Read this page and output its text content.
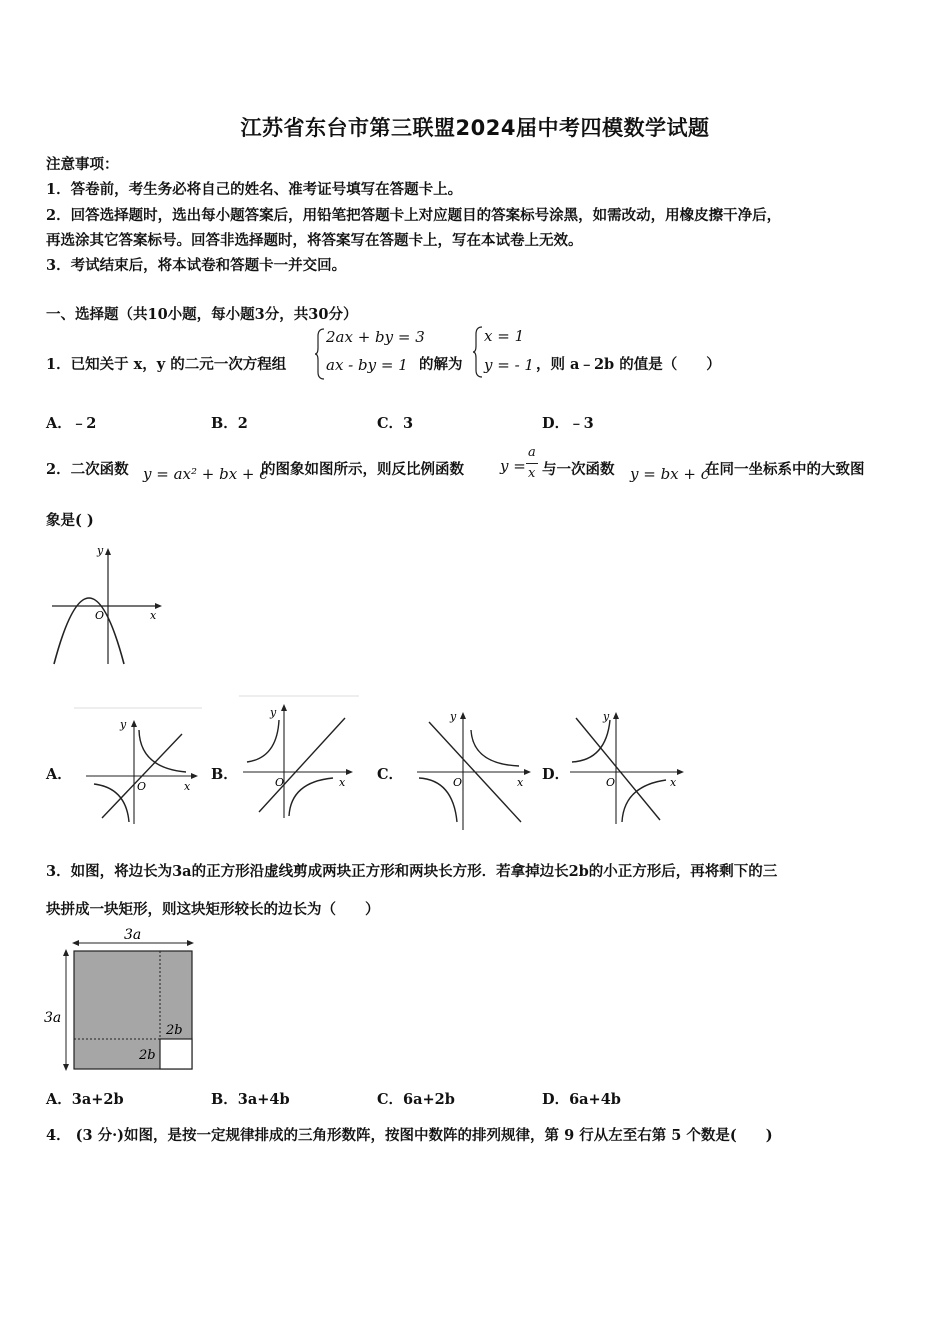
江苏省东台市第三联盟2024届中考四模数学试题
注意事项：
1．答卷前，考生务必将自己的姓名、准考证号填写在答题卡上。
2．回答选择题时，选出每小题答案后，用铅笔把答题卡上对应题目的答案标号涂黑，如需改动，用橡皮擦干净后，
再选涂其它答案标号。回答非选择题时，将答案写在答题卡上，写在本试卷上无效。
3．考试结束后，将本试卷和答题卡一并交回。
一、选择题（共10小题，每小题3分，共30分）
1．已知关于 x，y 的二元一次方程组
2ax + by = 3
ax - by = 1 的解为
x = 1
y = - 1 ，则 a﹣2b 的值是（　　）
A．﹣2	B．2	C．3	D．﹣3
2．二次函数 y = ax² + bx + c
的图象如图所示，则反比例函数 y =
a
x 与一次函数 y = bx + c
在同一坐标系中的大致图
象是( )
y
x
O
A．
y
x
O
B．
y
x
O	C．
y
x
O	D．
y
x
O
3．如图，将边长为3a的正方形沿虚线剪成两块正方形和两块长方形．若拿掉边长2b的小正方形后，再将剩下的三
块拼成一块矩形，则这块矩形较长的边长为（　　）
3a
3a
2b
2b
A．3a+2b	B．3a+4b	C．6a+2b	D．6a+4b
4． (3 分·)如图，是按一定规律排成的三角形数阵，按图中数阵的排列规律，第 9 行从左至右第 5 个数是(　　)
